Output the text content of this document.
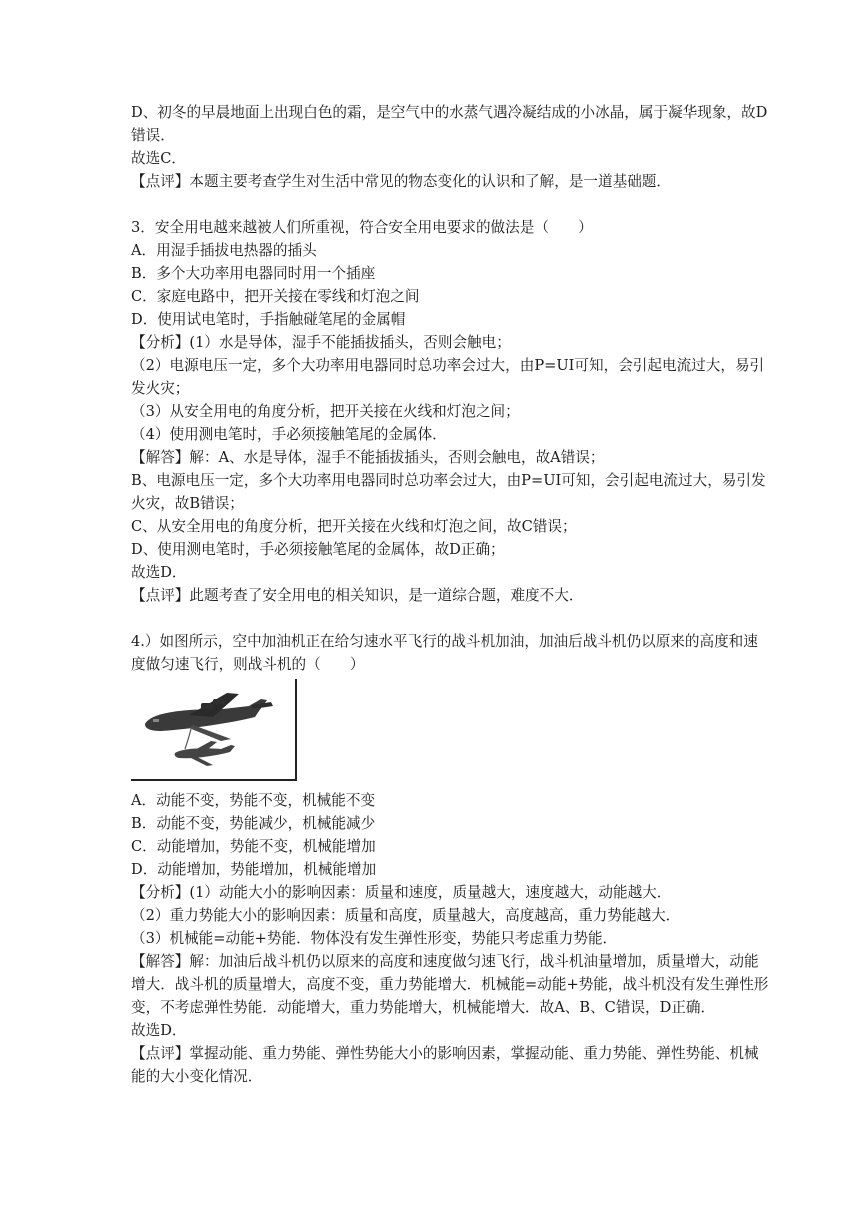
D、初冬的早晨地面上出现白色的霜，是空气中的水蒸气遇冷凝结成的小冰晶，属于凝华现象，故D错误．

故选C．

【点评】本题主要考查学生对生活中常见的物态变化的认识和了解，是一道基础题．

3．安全用电越来越被人们所重视，符合安全用电要求的做法是（　　）

A．用湿手插拔电热器的插头

B．多个大功率用电器同时用一个插座

C．家庭电路中，把开关接在零线和灯泡之间

D．使用试电笔时，手指触碰笔尾的金属帽

【分析】(1）水是导体，湿手不能插拔插头，否则会触电；

（2）电源电压一定，多个大功率用电器同时总功率会过大，由P=UI可知，会引起电流过大，易引发火灾；

（3）从安全用电的角度分析，把开关接在火线和灯泡之间；

（4）使用测电笔时，手必须接触笔尾的金属体．

【解答】解：A、水是导体，湿手不能插拔插头，否则会触电，故A错误；

B、电源电压一定，多个大功率用电器同时总功率会过大，由P=UI可知，会引起电流过大，易引发火灾，故B错误；

C、从安全用电的角度分析，把开关接在火线和灯泡之间，故C错误；

D、使用测电笔时，手必须接触笔尾的金属体，故D正确；

故选D．

【点评】此题考查了安全用电的相关知识，是一道综合题，难度不大．

4.）如图所示，空中加油机正在给匀速水平飞行的战斗机加油，加油后战斗机仍以原来的高度和速度做匀速飞行，则战斗机的（　　）

A．动能不变，势能不变，机械能不变

B．动能不变，势能减少，机械能减少

C．动能增加，势能不变，机械能增加

D．动能增加，势能增加，机械能增加

【分析】(1）动能大小的影响因素：质量和速度，质量越大，速度越大，动能越大．

（2）重力势能大小的影响因素：质量和高度，质量越大，高度越高，重力势能越大．

（3）机械能=动能+势能．物体没有发生弹性形变，势能只考虑重力势能．

【解答】解：加油后战斗机仍以原来的高度和速度做匀速飞行，战斗机油量增加，质量增大，动能增大．战斗机的质量增大，高度不变，重力势能增大．机械能=动能+势能，战斗机没有发生弹性形变，不考虑弹性势能．动能增大，重力势能增大，机械能增大．故A、B、C错误，D正确．

故选D．

【点评】掌握动能、重力势能、弹性势能大小的影响因素，掌握动能、重力势能、弹性势能、机械能的大小变化情况．
